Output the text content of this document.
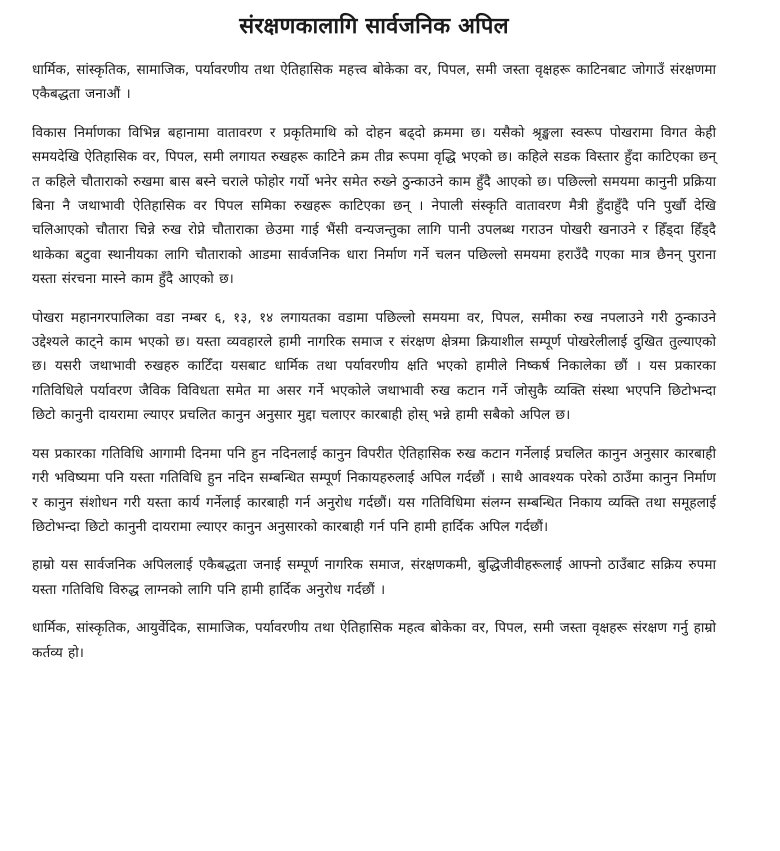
संरक्षणकालागि सार्वजनिक अपिल

धार्मिक, सांस्कृतिक, सामाजिक, पर्यावरणीय तथा ऐतिहासिक महत्त्व बोकेका वर, पिपल, समी जस्ता वृक्षहरू काटिनबाट जोगाउँ संरक्षणमा एकैबद्धता जनाऔं ।

विकास निर्माणका विभिन्न बहानामा वातावरण र प्रकृतिमाथि को दोहन बढ्दो क्रममा छ। यसैको श्रृङ्खला स्वरूप पोखरामा विगत केही समयदेखि ऐतिहासिक वर, पिपल, समी लगायत रुखहरू काटिने क्रम तीव्र रूपमा वृद्धि भएको छ। कहिले सडक विस्तार हुँदा काटिएका छन् त कहिले चौताराको रुखमा बास बस्ने चराले फोहोर गर्यो भनेर समेत रुख्ने ठुन्काउने काम हुँदै आएको छ। पछिल्लो समयमा कानुनी प्रक्रिया बिना नै जथाभावी ऐतिहासिक वर पिपल समिका रुखहरू काटिएका छन् । नेपाली संस्कृति वातावरण मैत्री हुँदाहुँदै पनि पुर्खौ देखि चलिआएको चौतारा चिन्ने रुख रोप्ने चौताराका छेउमा गाई भैंसी वन्यजन्तुका लागि पानी उपलब्ध गराउन पोखरी खनाउने र हिँड्दा हिँड्दै थाकेका बटुवा स्थानीयका लागि चौताराको आडमा सार्वजनिक धारा निर्माण गर्ने चलन पछिल्लो समयमा हराउँदै गएका मात्र छैनन् पुराना यस्ता संरचना मास्ने काम हुँदै आएको छ।

पोखरा महानगरपालिका वडा नम्बर ६, १३, १४ लगायतका वडामा पछिल्लो समयमा वर, पिपल, समीका रुख नपलाउने गरी ठुन्काउने उद्देश्यले काट्ने काम भएको छ। यस्ता व्यवहारले हामी नागरिक समाज र संरक्षण क्षेत्रमा क्रियाशील सम्पूर्ण पोखरेलीलाई दुखित तुल्याएको छ। यसरी जथाभावी रुखहरु काटिँदा यसबाट धार्मिक तथा पर्यावरणीय क्षति भएको हामीले निष्कर्ष निकालेका छौं । यस प्रकारका गतिविधिले पर्यावरण जैविक विविधता समेत मा असर गर्ने भएकोले जथाभावी रुख कटान गर्ने जोसुकै व्यक्ति संस्था भएपनि छिटोभन्दा छिटो कानुनी दायरामा ल्याएर प्रचलित कानुन अनुसार मुद्दा चलाएर कारबाही होस् भन्ने हामी सबैको अपिल छ।

यस प्रकारका गतिविधि आगामी दिनमा पनि हुन नदिनलाई कानुन विपरीत ऐतिहासिक रुख कटान गर्नेलाई प्रचलित कानुन अनुसार कारबाही गरी भविष्यमा पनि यस्ता गतिविधि हुन नदिन सम्बन्धित सम्पूर्ण निकायहरुलाई अपिल गर्दछौं । साथै आवश्यक परेको ठाउँमा कानुन निर्माण र कानुन संशोधन गरी यस्ता कार्य गर्नेलाई कारबाही गर्न अनुरोध गर्दछौं। यस गतिविधिमा संलग्न सम्बन्धित निकाय व्यक्ति तथा समूहलाई छिटोभन्दा छिटो कानुनी दायरामा ल्याएर कानुन अनुसारको कारबाही गर्न पनि हामी हार्दिक अपिल गर्दछौं।

हाम्रो यस सार्वजनिक अपिललाई एकैबद्धता जनाई सम्पूर्ण नागरिक समाज, संरक्षणकमी, बुद्धिजीवीहरूलाई आफ्नो ठाउँबाट सक्रिय रुपमा यस्ता गतिविधि विरुद्ध लाग्नको लागि पनि हामी हार्दिक अनुरोध गर्दछौं ।

धार्मिक, सांस्कृतिक, आयुर्वेदिक, सामाजिक, पर्यावरणीय तथा ऐतिहासिक महत्व बोकेका वर, पिपल, समी जस्ता वृक्षहरू संरक्षण गर्नु हाम्रो कर्तव्य हो।
